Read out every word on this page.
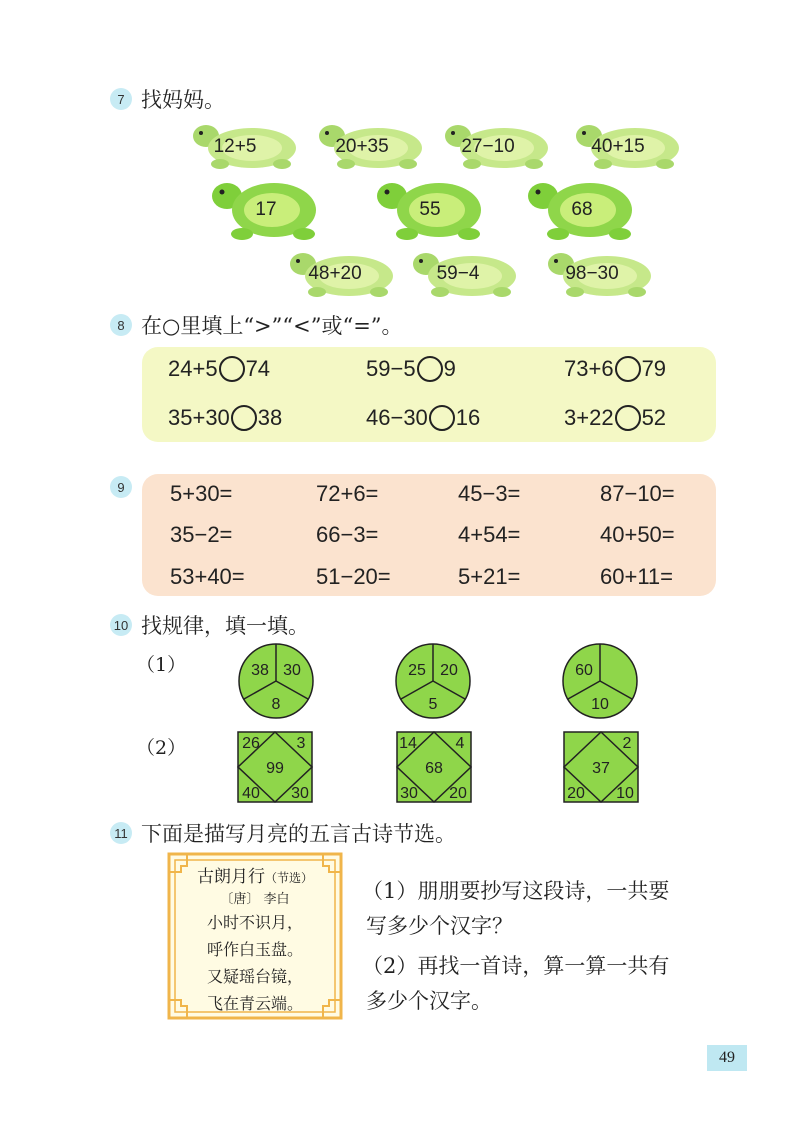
7 找妈妈。
12+5	20+35	27−10	40+15
17	55	68
48+20	59−4	98−30
8 在○里填上“>”“<”或“=”。
24+5 74	59−5 9	73+6 79
35+30 38	46−30 16	3+22 52
9	5+30=	72+6=	45−3=	87−10=
35−2=	66−3=	4+54=	40+50=
53+40=	51−20=	5+21=	60+11=
10 找规律，填一填。
（1）
（2）
38 30
8
25 20
5
60
10
26 3
99
40 30
14 4
68
30 20
2
37
20 10
11 下面是描写月亮的五言古诗节选。
古朗月行（节选）
〔唐〕 李白
小时不识月，
呼作白玉盘。
又疑瑶台镜，
飞在青云端。
（1）朋朋要抄写这段诗，一共要
写多少个汉字？
（2）再找一首诗，算一算一共有
多少个汉字。
49
